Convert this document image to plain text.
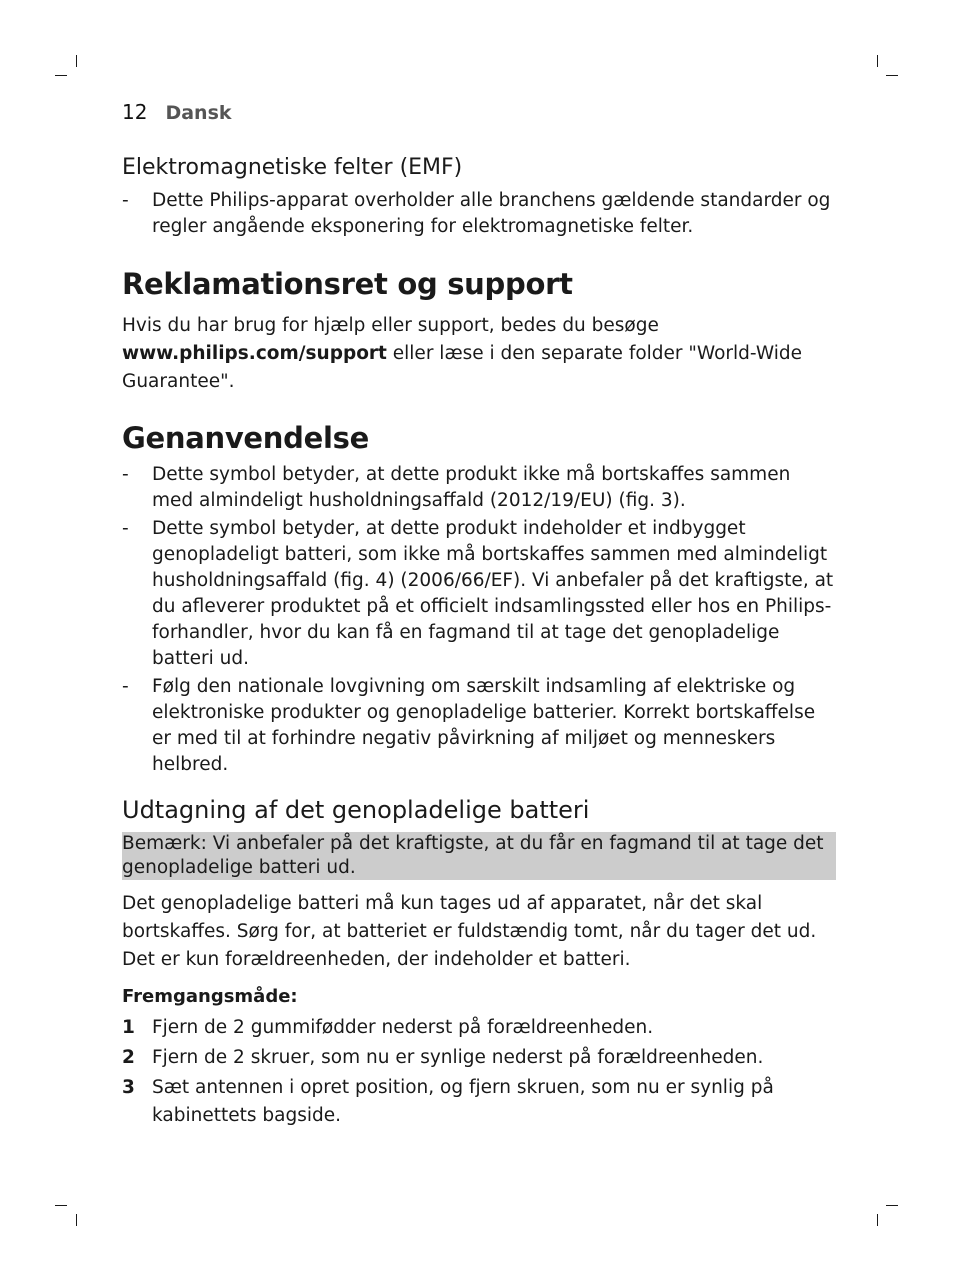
12 Dansk
Elektromagnetiske felter (EMF)
- Dette Philips-apparat overholder alle branchens gældende standarder og regler angående eksponering for elektromagnetiske felter.
Reklamationsret og support

Hvis du har brug for hjælp eller support, bedes du besøge
www.philips.com/support eller læse i den separate folder "World-Wide Guarantee".

Genanvendelse
- Dette symbol betyder, at dette produkt ikke må bortskaffes sammen med almindeligt husholdningsaffald (2012/19/EU) (fig. 3).
- Dette symbol betyder, at dette produkt indeholder et indbygget genopladeligt batteri, som ikke må bortskaffes sammen med almindeligt husholdningsaffald (fig. 4) (2006/66/EF). Vi anbefaler på det kraftigste, at du afleverer produktet på et officielt indsamlingssted eller hos en Philips-forhandler, hvor du kan få en fagmand til at tage det genopladelige batteri ud.
- Følg den nationale lovgivning om særskilt indsamling af elektriske og elektroniske produkter og genopladelige batterier. Korrekt bortskaffelse er med til at forhindre negativ påvirkning af miljøet og menneskers helbred.
Udtagning af det genopladelige batteri
Bemærk: Vi anbefaler på det kraftigste, at du får en fagmand til at tage det genopladelige batteri ud.

Det genopladelige batteri må kun tages ud af apparatet, når det skal bortskaffes. Sørg for, at batteriet er fuldstændig tomt, når du tager det ud. Det er kun forældreenheden, der indeholder et batteri.

Fremgangsmåde:
1 Fjern de 2 gummifødder nederst på forældreenheden.
2 Fjern de 2 skruer, som nu er synlige nederst på forældreenheden.
3 Sæt antennen i opret position, og fjern skruen, som nu er synlig på kabinettets bagside.
